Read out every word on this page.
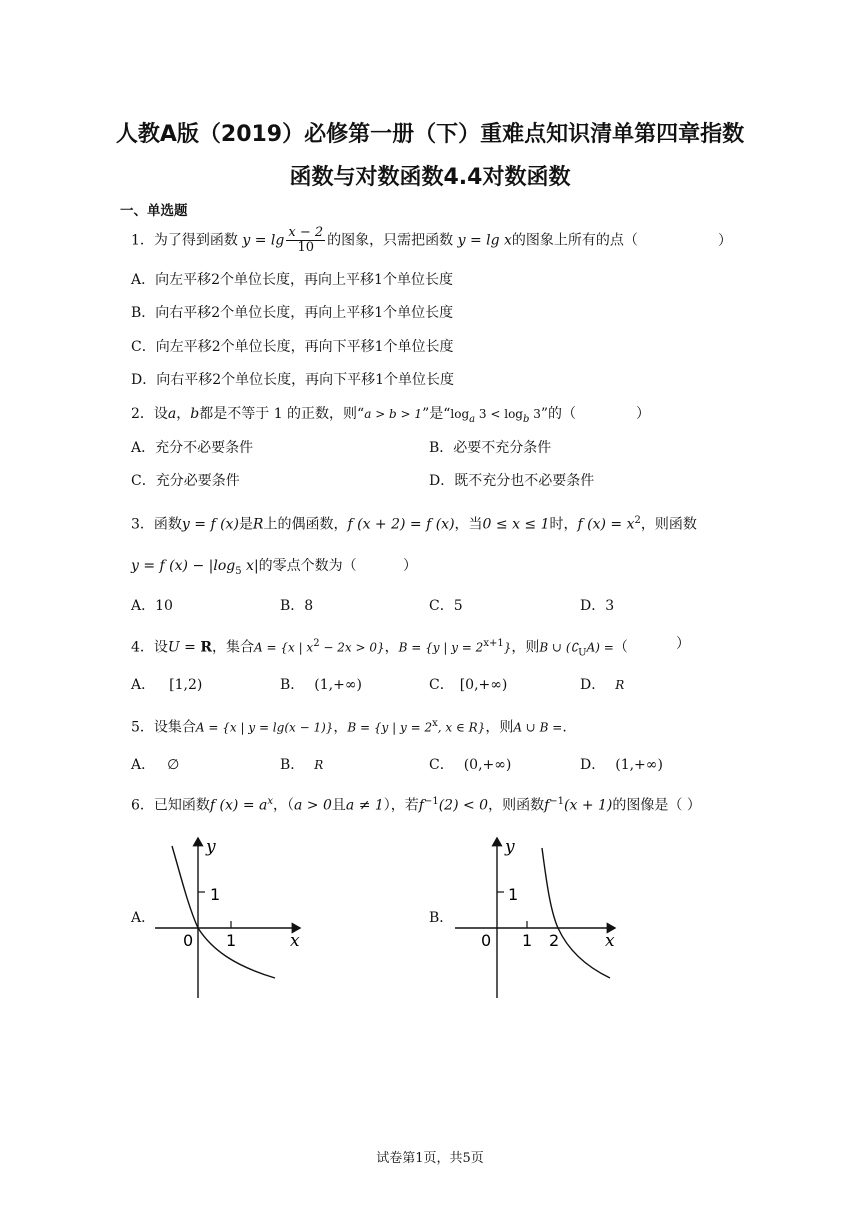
人教A版（2019）必修第一册（下）重难点知识清单第四章指数
函数与对数函数4.4对数函数
一、单选题
1．为了得到函数 $y = \lg \frac{x - 2}{10}$ 的图象，只需把函数 y = lg x的图象上所有的点（	）
A．向左平移2个单位长度，再向上平移1个单位长度
B．向右平移2个单位长度，再向上平移1个单位长度
C．向左平移2个单位长度，再向下平移1个单位长度
D．向右平移2个单位长度，再向下平移1个单位长度
2．设a，b都是不等于 1 的正数，则“a > b > 1”是“$\log_a$ $3 < \log_b 3$”的（	）
A．充分不必要条件	B．必要不充分条件
C．充分必要条件	D．既不充分也不必要条件
3．函数y = f (x)是R上的偶函数，f (x + 2) = f (x)，当0 ≤ x ≤ 1时，f $(x) = x^2$，则函数
y = f $(x) - |\log_5$ x|的零点个数为（	）
A．10	B．8	C．5	D．3
4．设U = R，集合A = {x | $x^2 - 2x > 0$}，B = {y | $y = 2^{x+1}$}，则B ∪ $(∁_UA)$ =（	）
A． [1,2)	B． (1,+∞)	C． [0,+∞)	D． R
5．设集合A = {x | y = lg(x − 1)}，B = {y | $y = 2^x$, x ∈ R}，则A ∪ B =.
A． ∅	B． R	C． (0,+∞)	D． (1,+∞)
6．已知函数f $(x) = a^x$，（a > 0且a ≠ 1），若$f^{-1}(2) < 0$，则函数$f^{-1}(x + 1)$的图像是（ ）
A．	B．
y
1
0 1	x
y
1
0 1 2	x
试卷第1页，共5页
